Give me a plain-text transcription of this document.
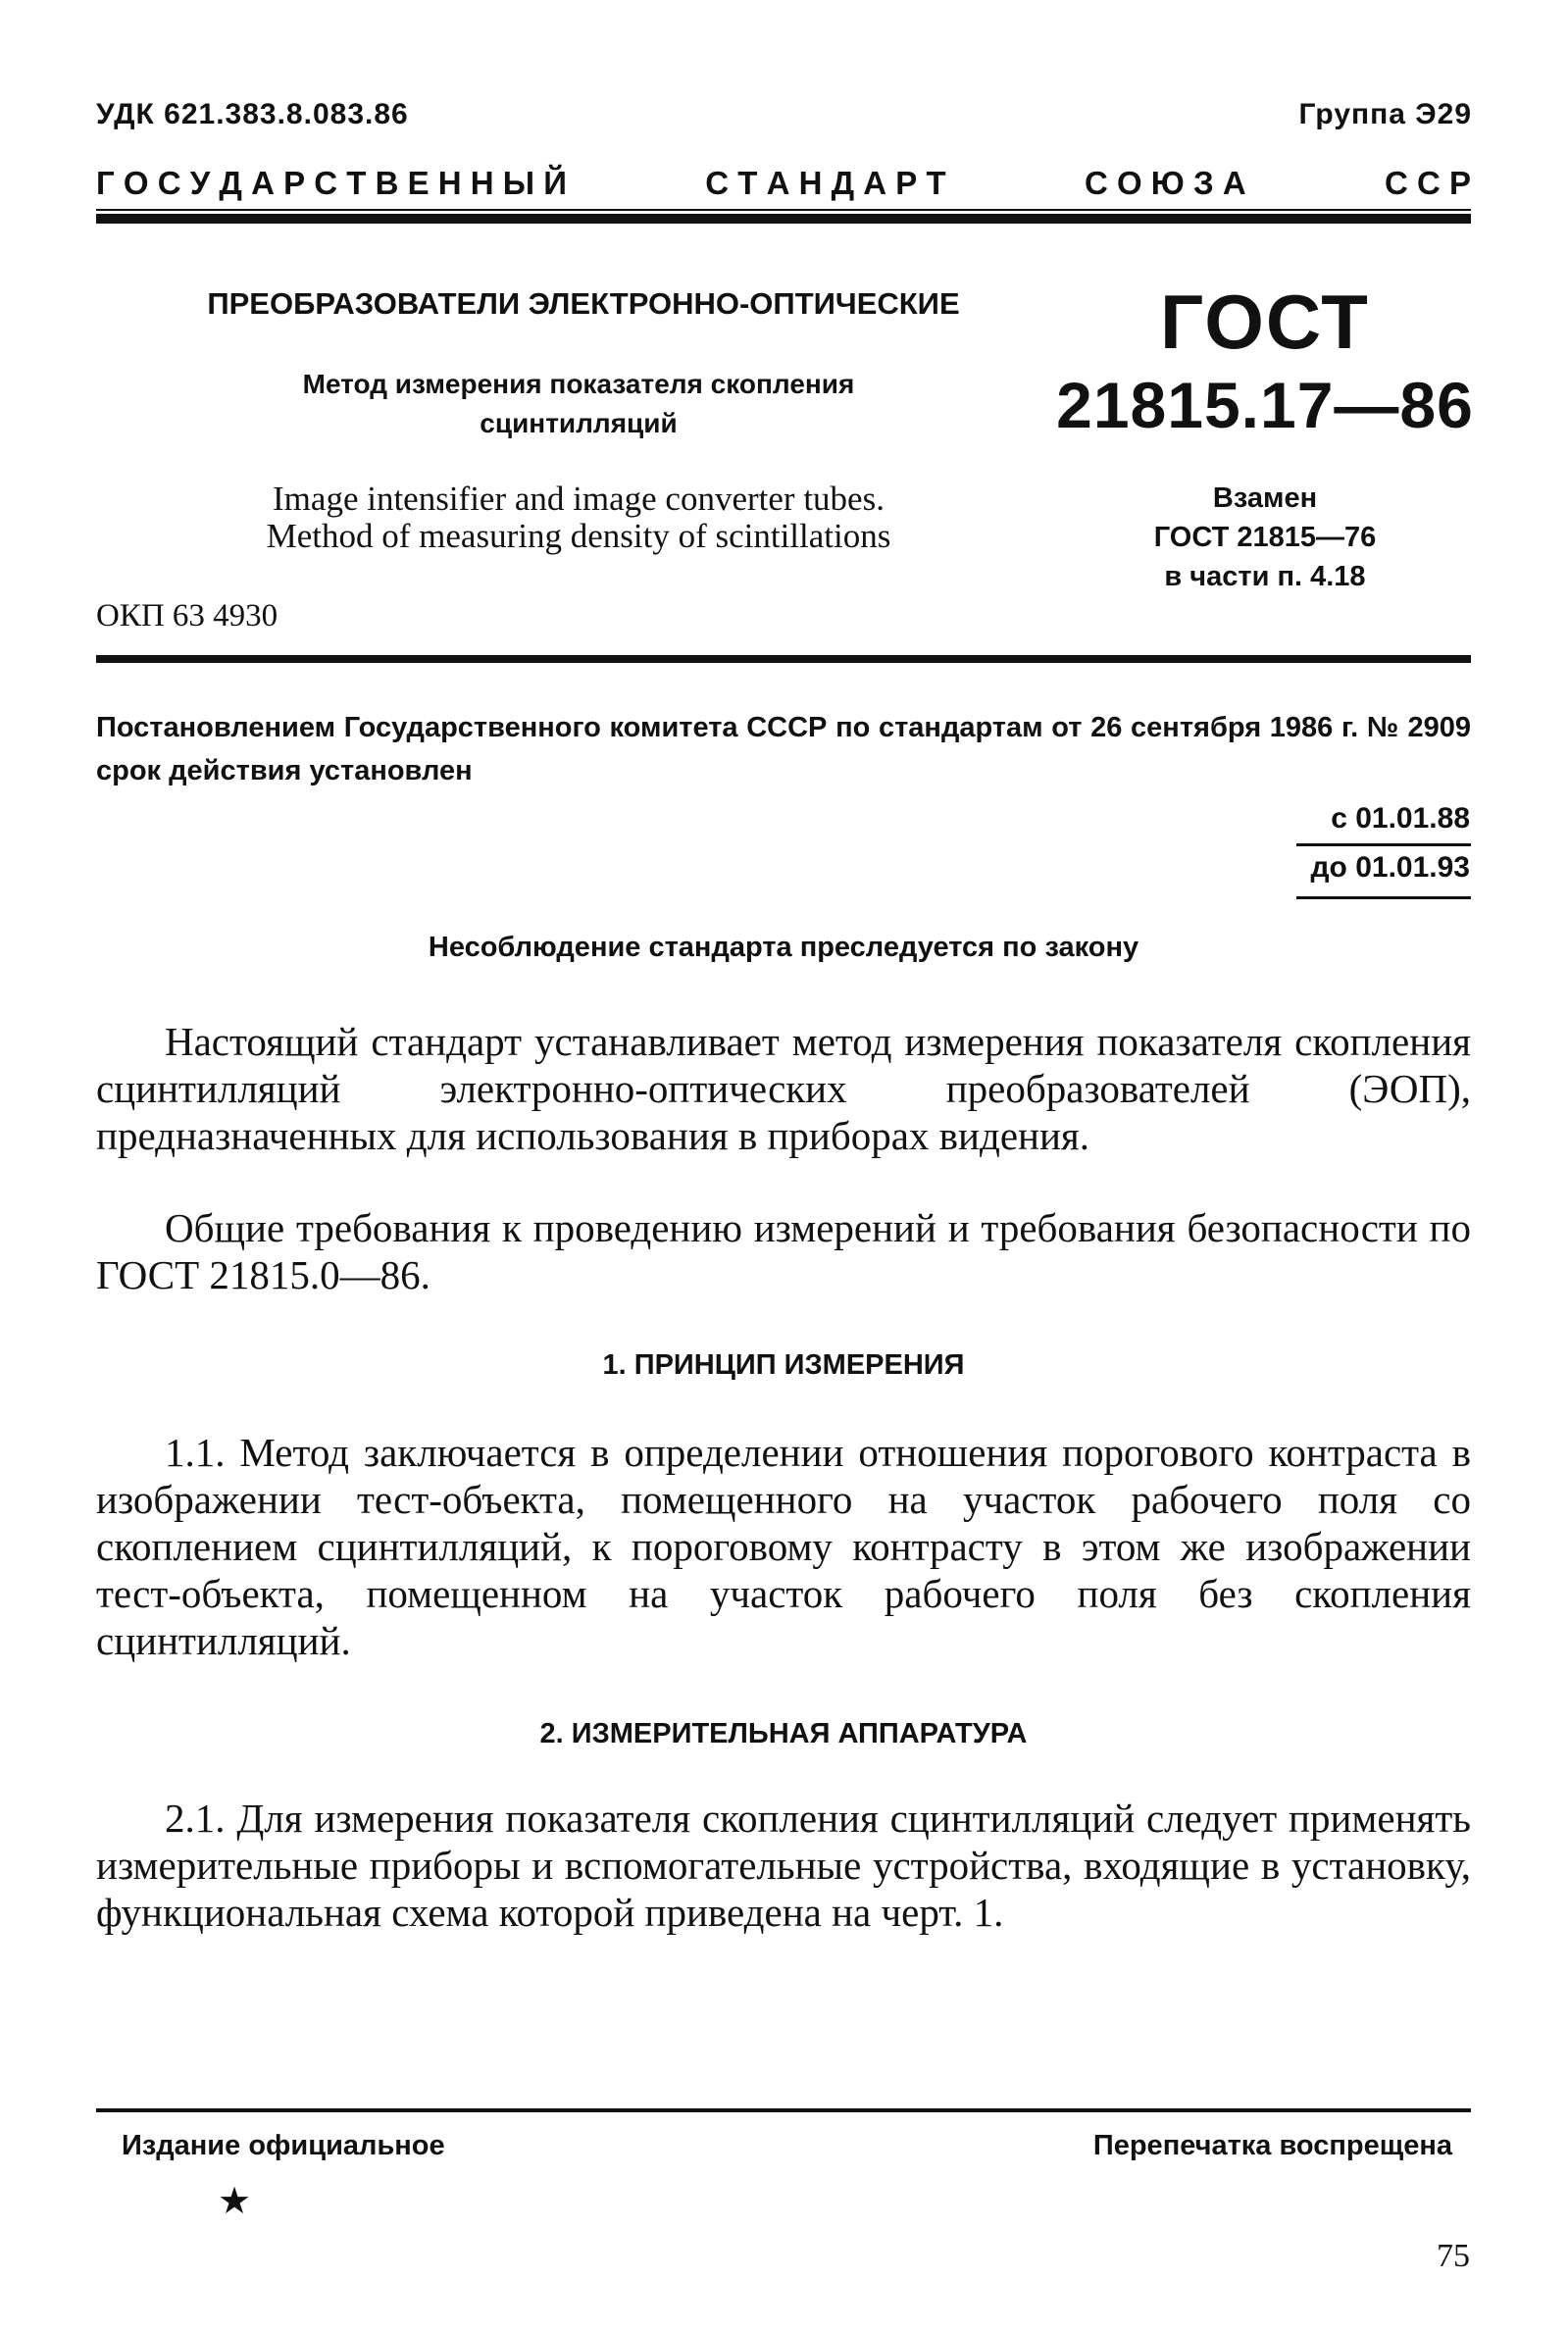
УДК 621.383.8.083.86	Группа Э29
Г О С У Д А Р С Т В Е Н Н Ы Й	С Т А Н Д А Р Т	С О Ю З А	С С Р
ПРЕОБРАЗОВАТЕЛИ ЭЛЕКТРОННО-ОПТИЧЕСКИЕ
Метод измерения показателя скопления
сцинтилляций
Image intensifier and image converter tubes.
Method of measuring density of scintillations
ОКП 63 4930
ГОСТ
21815.17—86
Взамен
ГОСТ 21815—76
в части п. 4.18
Постановлением Государственного комитета СССР по стандартам от 26 сентября 1986 г. № 2909 срок действия установлен
с 01.01.88
до 01.01.93
Несоблюдение стандарта преследуется по закону
Настоящий стандарт устанавливает метод измерения показателя скопления сцинтилляций электронно-оптических преобразователей (ЭОП), предназначенных для использования в приборах видения.
Общие требования к проведению измерений и требования безопасности по ГОСТ 21815.0—86.
1. ПРИНЦИП ИЗМЕРЕНИЯ
1.1. Метод заключается в определении отношения порогового контраста в изображении тест-объекта, помещенного на участок рабочего поля со скоплением сцинтилляций, к пороговому контрасту в этом же изображении тест-объекта, помещенном на участок рабочего поля без скопления сцинтилляций.
2. ИЗМЕРИТЕЛЬНАЯ АППАРАТУРА
2.1. Для измерения показателя скопления сцинтилляций следует применять измерительные приборы и вспомогательные устройства, входящие в установку, функциональная схема которой приведена на черт. 1.
Издание официальное	Перепечатка воспрещена
★
75
